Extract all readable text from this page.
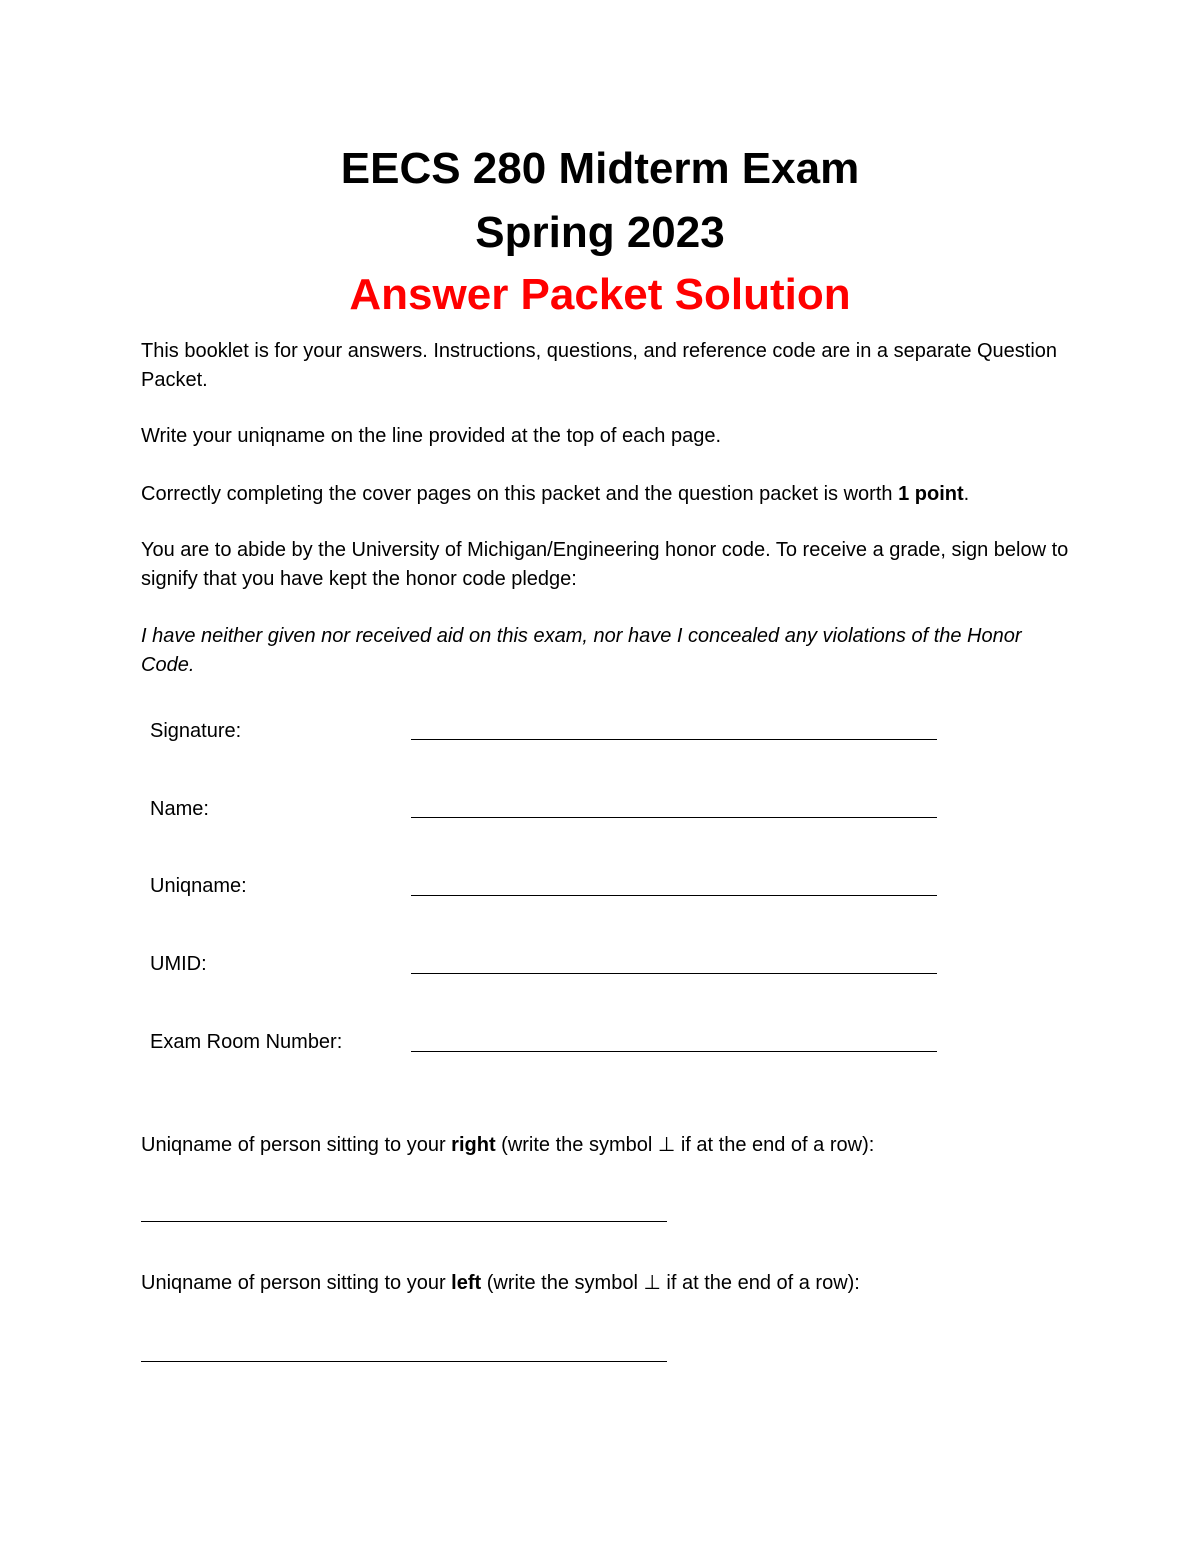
EECS 280 Midterm Exam
Spring 2023
Answer Packet Solution

This booklet is for your answers. Instructions, questions, and reference code are in a separate Question Packet.

Write your uniqname on the line provided at the top of each page.

Correctly completing the cover pages on this packet and the question packet is worth 1 point.

You are to abide by the University of Michigan/Engineering honor code. To receive a grade, sign below to signify that you have kept the honor code pledge:

I have neither given nor received aid on this exam, nor have I concealed any violations of the Honor Code.

Signature:
Name:
Uniqname:
UMID:
Exam Room Number:
Uniqname of person sitting to your right (write the symbol ⊥ if at the end of a row):
Uniqname of person sitting to your left (write the symbol ⊥ if at the end of a row):
